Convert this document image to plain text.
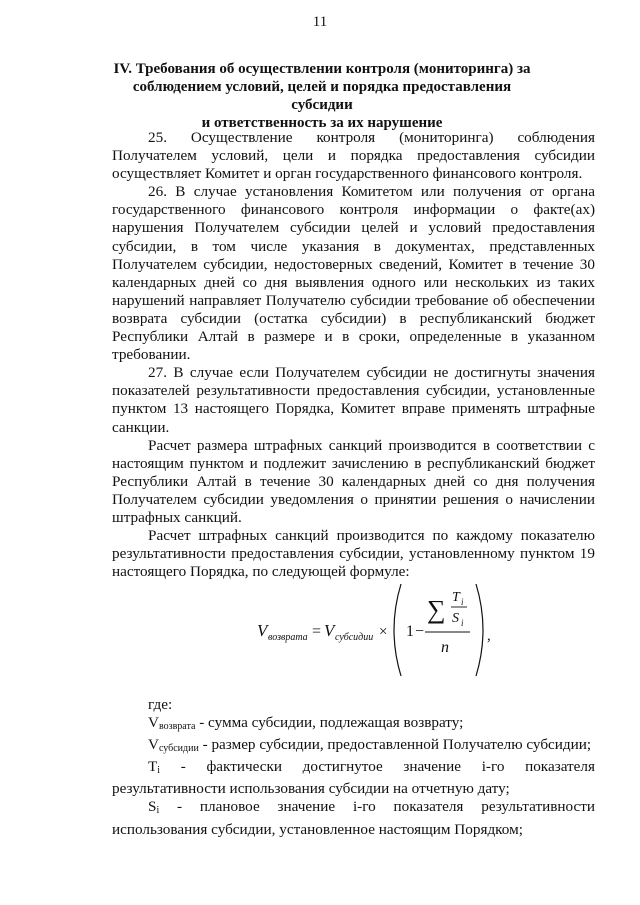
11
IV. Требования об осуществлении контроля (мониторинга) за
соблюдением условий, целей и порядка предоставления субсидии
и ответственность за их нарушение

25. Осуществление контроля (мониторинга) соблюдения Получателем условий, цели и порядка предоставления субсидии осуществляет Комитет и орган государственного финансового контроля.

26. В случае установления Комитетом или получения от органа государственного финансового контроля информации о факте(ах) нарушения Получателем субсидии целей и условий предоставления субсидии, в том числе указания в документах, представленных Получателем субсидии, недостоверных сведений, Комитет в течение 30 календарных дней со дня выявления одного или нескольких из таких нарушений направляет Получателю субсидии требование об обеспечении возврата субсидии (остатка субсидии) в республиканский бюджет Республики Алтай в размере и в сроки, определенные в указанном требовании.

27. В случае если Получателем субсидии не достигнуты значения показателей результативности предоставления субсидии, установленные пунктом 13 настоящего Порядка, Комитет вправе применять штрафные санкции.

Расчет размера штрафных санкций производится в соответствии с настоящим пунктом и подлежит зачислению в республиканский бюджет Республики Алтай в течение 30 календарных дней со дня получения Получателем субсидии уведомления о принятии решения о начислении штрафных санкций.

Расчет штрафных санкций производится по каждому показателю результативности предоставления субсидии, установленному пунктом 19 настоящего Порядка, по следующей формуле:

V возврата = V субсидии × 1 −
∑ T i
S i
n
,

где:

$V_{возврата}$ - сумма субсидии, подлежащая возврату;

$V_{субсидии}$ - размер субсидии, предоставленной Получателю субсидии;

$T_i$ - фактически достигнутое значение i-го показателя результативности использования субсидии на отчетную дату;

$S_i$ - плановое значение i-го показателя результативности использования субсидии, установленное настоящим Порядком;
